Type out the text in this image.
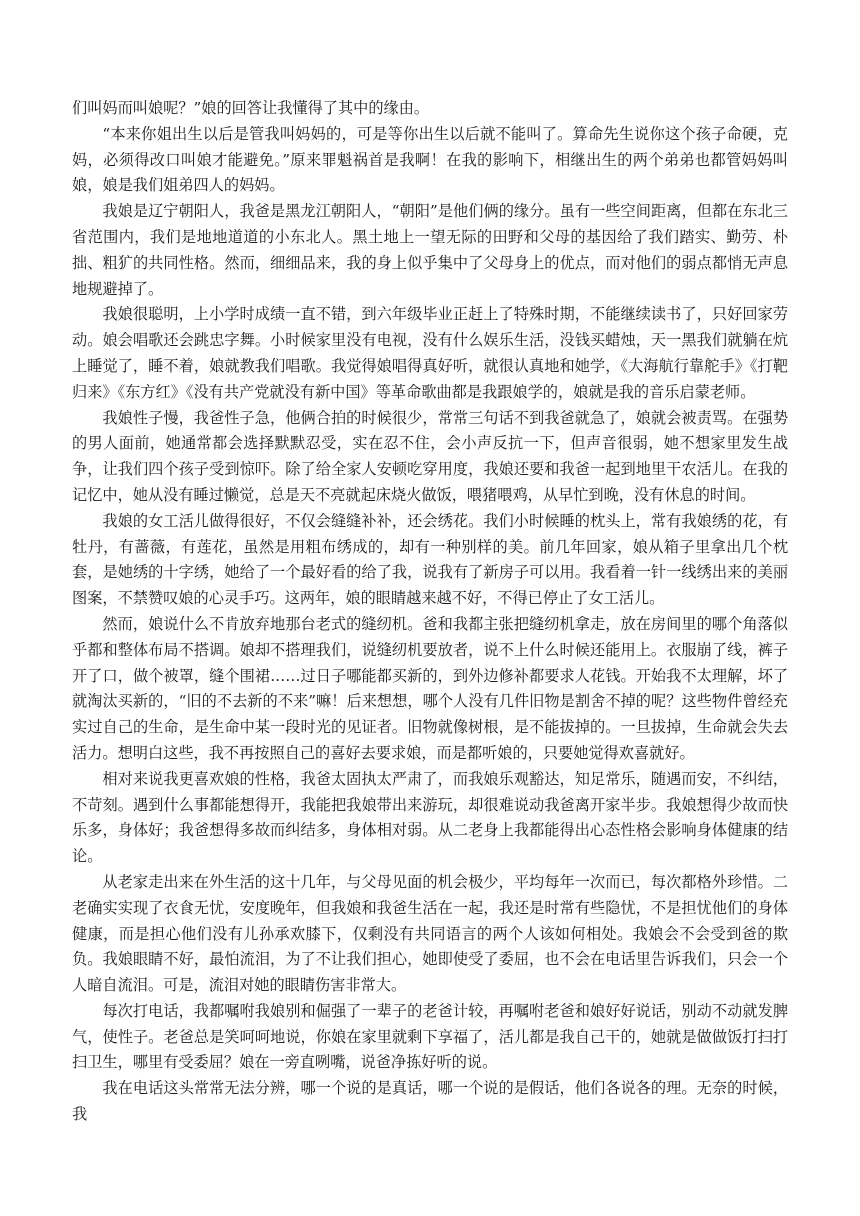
们叫妈而叫娘呢？”娘的回答让我懂得了其中的缘由。

“本来你姐出生以后是管我叫妈妈的，可是等你出生以后就不能叫了。算命先生说你这个孩子命硬，克妈，必须得改口叫娘才能避免。”原来罪魁祸首是我啊！在我的影响下，相继出生的两个弟弟也都管妈妈叫娘，娘是我们姐弟四人的妈妈。

我娘是辽宁朝阳人，我爸是黑龙江朝阳人，“朝阳”是他们俩的缘分。虽有一些空间距离，但都在东北三省范围内，我们是地地道道的小东北人。黑土地上一望无际的田野和父母的基因给了我们踏实、勤劳、朴拙、粗犷的共同性格。然而，细细品来，我的身上似乎集中了父母身上的优点，而对他们的弱点都悄无声息地规避掉了。

我娘很聪明，上小学时成绩一直不错，到六年级毕业正赶上了特殊时期，不能继续读书了，只好回家劳动。娘会唱歌还会跳忠字舞。小时候家里没有电视，没有什么娱乐生活，没钱买蜡烛，天一黑我们就躺在炕上睡觉了，睡不着，娘就教我们唱歌。我觉得娘唱得真好听，就很认真地和她学，《大海航行靠舵手》《打靶归来》《东方红》《没有共产党就没有新中国》等革命歌曲都是我跟娘学的，娘就是我的音乐启蒙老师。

我娘性子慢，我爸性子急，他俩合拍的时候很少，常常三句话不到我爸就急了，娘就会被责骂。在强势的男人面前，她通常都会选择默默忍受，实在忍不住，会小声反抗一下，但声音很弱，她不想家里发生战争，让我们四个孩子受到惊吓。除了给全家人安顿吃穿用度，我娘还要和我爸一起到地里干农活儿。在我的记忆中，她从没有睡过懒觉，总是天不亮就起床烧火做饭，喂猪喂鸡，从早忙到晚，没有休息的时间。

我娘的女工活儿做得很好，不仅会缝缝补补，还会绣花。我们小时候睡的枕头上，常有我娘绣的花，有牡丹，有蔷薇，有莲花，虽然是用粗布绣成的，却有一种别样的美。前几年回家，娘从箱子里拿出几个枕套，是她绣的十字绣，她给了一个最好看的给了我，说我有了新房子可以用。我看着一针一线绣出来的美丽图案，不禁赞叹娘的心灵手巧。这两年，娘的眼睛越来越不好，不得已停止了女工活儿。

然而，娘说什么不肯放弃地那台老式的缝纫机。爸和我都主张把缝纫机拿走，放在房间里的哪个角落似乎都和整体布局不搭调。娘却不搭理我们，说缝纫机要放者，说不上什么时候还能用上。衣服崩了线，裤子开了口，做个被罩，缝个围裙……过日子哪能都买新的，到外边修补都要求人花钱。开始我不太理解，坏了就淘汰买新的，“旧的不去新的不来”嘛！后来想想，哪个人没有几件旧物是割舍不掉的呢？这些物件曾经充实过自己的生命，是生命中某一段时光的见证者。旧物就像树根，是不能拔掉的。一旦拔掉，生命就会失去活力。想明白这些，我不再按照自己的喜好去要求娘，而是都听娘的，只要她觉得欢喜就好。

相对来说我更喜欢娘的性格，我爸太固执太严肃了，而我娘乐观豁达，知足常乐，随遇而安，不纠结，不苛刻。遇到什么事都能想得开，我能把我娘带出来游玩，却很难说动我爸离开家半步。我娘想得少故而快乐多，身体好；我爸想得多故而纠结多，身体相对弱。从二老身上我都能得出心态性格会影响身体健康的结论。

从老家走出来在外生活的这十几年，与父母见面的机会极少，平均每年一次而已，每次都格外珍惜。二老确实实现了衣食无忧，安度晚年，但我娘和我爸生活在一起，我还是时常有些隐忧，不是担忧他们的身体健康，而是担心他们没有儿孙承欢膝下，仅剩没有共同语言的两个人该如何相处。我娘会不会受到爸的欺负。我娘眼睛不好，最怕流泪，为了不让我们担心，她即使受了委屈，也不会在电话里告诉我们，只会一个人暗自流泪。可是，流泪对她的眼睛伤害非常大。

每次打电话，我都嘱咐我娘别和倔强了一辈子的老爸计较，再嘱咐老爸和娘好好说话，别动不动就发脾气，使性子。老爸总是笑呵呵地说，你娘在家里就剩下享福了，活儿都是我自己干的，她就是做做饭打扫打扫卫生，哪里有受委屈？娘在一旁直咧嘴，说爸净拣好听的说。

我在电话这头常常无法分辨，哪一个说的是真话，哪一个说的是假话，他们各说各的理。无奈的时候，我
